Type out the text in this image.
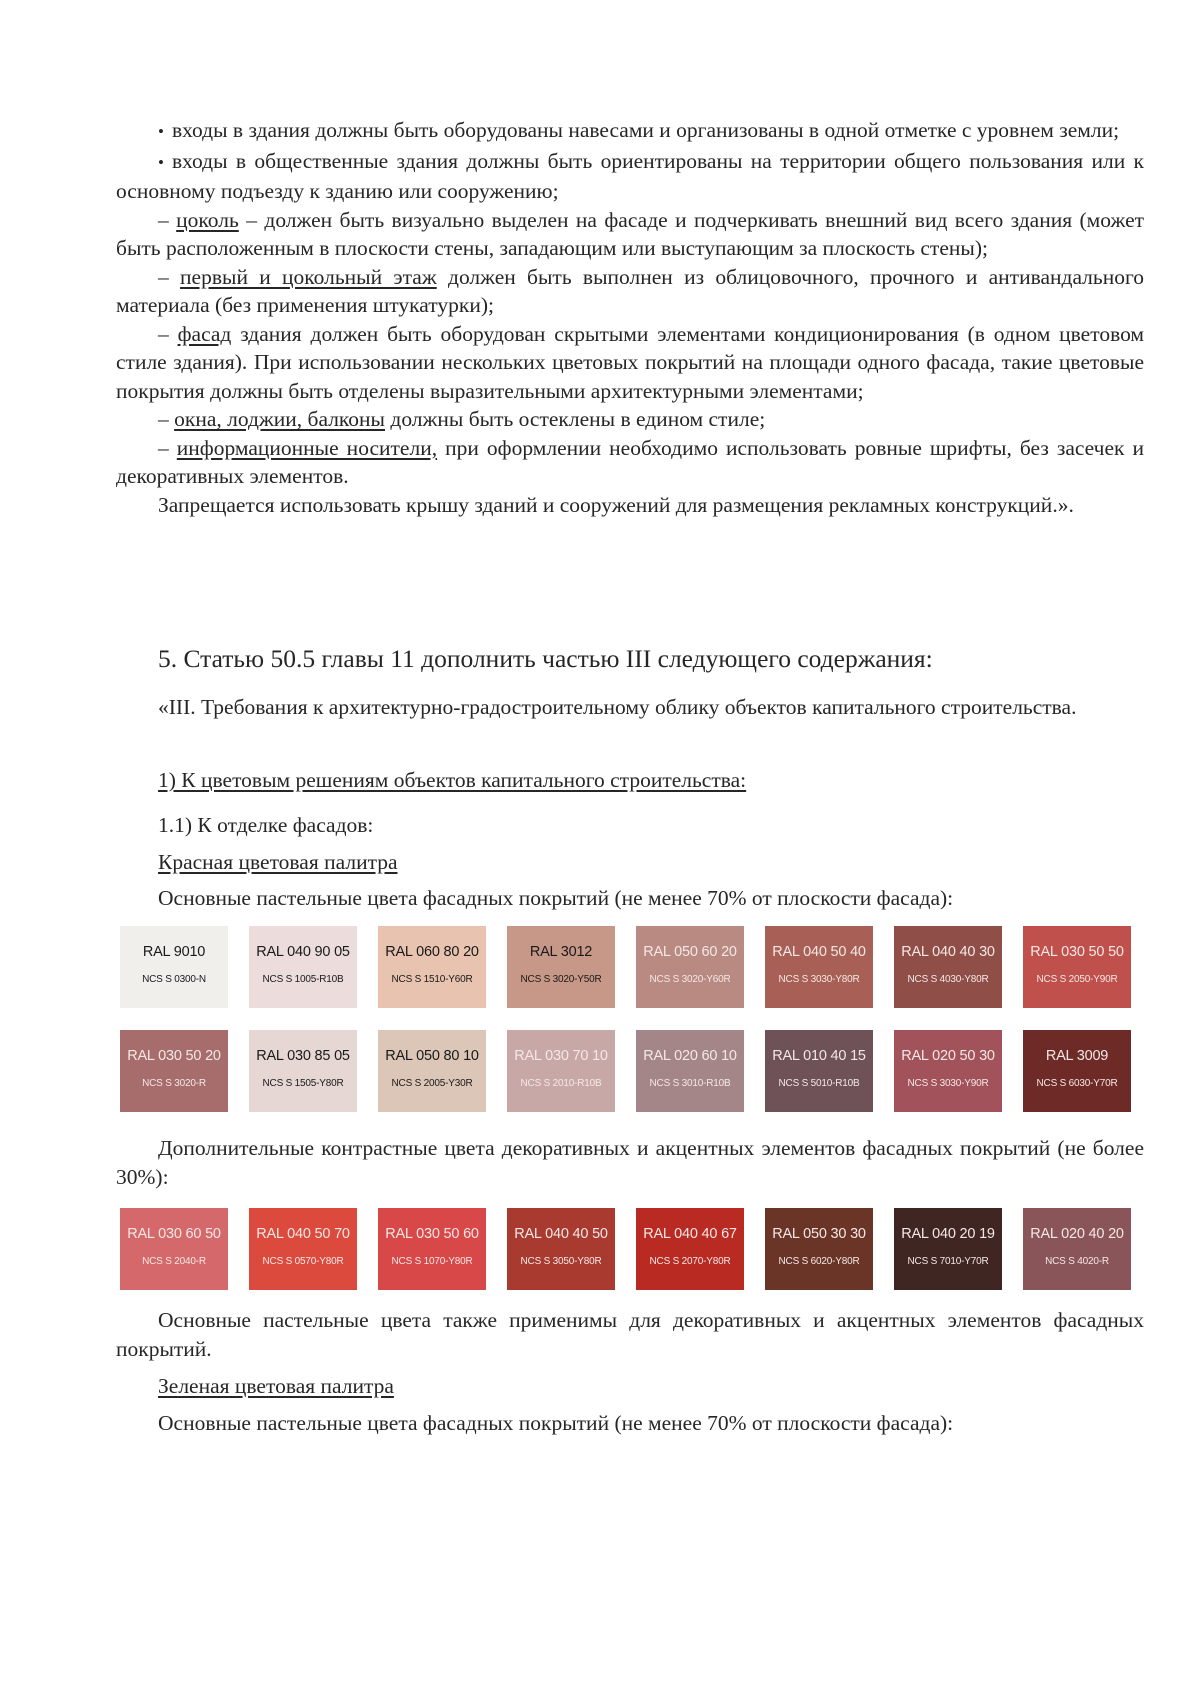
• входы в здания должны быть оборудованы навесами и организованы в одной отметке с уровнем земли;

• входы в общественные здания должны быть ориентированы на территории общего пользования или к основному подъезду к зданию или сооружению;

– цоколь – должен быть визуально выделен на фасаде и подчеркивать внешний вид всего здания (может быть расположенным в плоскости стены, западающим или выступающим за плоскость стены);

– первый и цокольный этаж должен быть выполнен из облицовочного, прочного и антивандального материала (без применения штукатурки);

– фасад здания должен быть оборудован скрытыми элементами кондиционирования (в одном цветовом стиле здания). При использовании нескольких цветовых покрытий на площади одного фасада, такие цветовые покрытия должны быть отделены выразительными архитектурными элементами;

– окна, лоджии, балконы должны быть остеклены в едином стиле;

– информационные носители, при оформлении необходимо использовать ровные шрифты, без засечек и декоративных элементов.

Запрещается использовать крышу зданий и сооружений для размещения рекламных конструкций.».

5. Статью 50.5 главы 11 дополнить частью III следующего содержания:

«III. Требования к архитектурно-градостроительному облику объектов капитального строительства.

1) К цветовым решениям объектов капитального строительства:

1.1) К отделке фасадов:

Красная цветовая палитра

Основные пастельные цвета фасадных покрытий (не менее 70% от плоскости фасада):

RAL 9010
NCS S 0300-N
RAL 040 90 05
NCS S 1005-R10B
RAL 060 80 20
NCS S 1510-Y60R
RAL 3012
NCS S 3020-Y50R
RAL 050 60 20
NCS S 3020-Y60R
RAL 040 50 40
NCS S 3030-Y80R
RAL 040 40 30
NCS S 4030-Y80R
RAL 030 50 50
NCS S 2050-Y90R
RAL 030 50 20
NCS S 3020-R
RAL 030 85 05
NCS S 1505-Y80R
RAL 050 80 10
NCS S 2005-Y30R
RAL 030 70 10
NCS S 2010-R10B
RAL 020 60 10
NCS S 3010-R10B
RAL 010 40 15
NCS S 5010-R10B
RAL 020 50 30
NCS S 3030-Y90R
RAL 3009
NCS S 6030-Y70R

Дополнительные контрастные цвета декоративных и акцентных элементов фасадных покрытий (не более 30%):

RAL 030 60 50
NCS S 2040-R
RAL 040 50 70
NCS S 0570-Y80R
RAL 030 50 60
NCS S 1070-Y80R
RAL 040 40 50
NCS S 3050-Y80R
RAL 040 40 67
NCS S 2070-Y80R
RAL 050 30 30
NCS S 6020-Y80R
RAL 040 20 19
NCS S 7010-Y70R
RAL 020 40 20
NCS S 4020-R

Основные пастельные цвета также применимы для декоративных и акцентных элементов фасадных покрытий.

Зеленая цветовая палитра

Основные пастельные цвета фасадных покрытий (не менее 70% от плоскости фасада):
